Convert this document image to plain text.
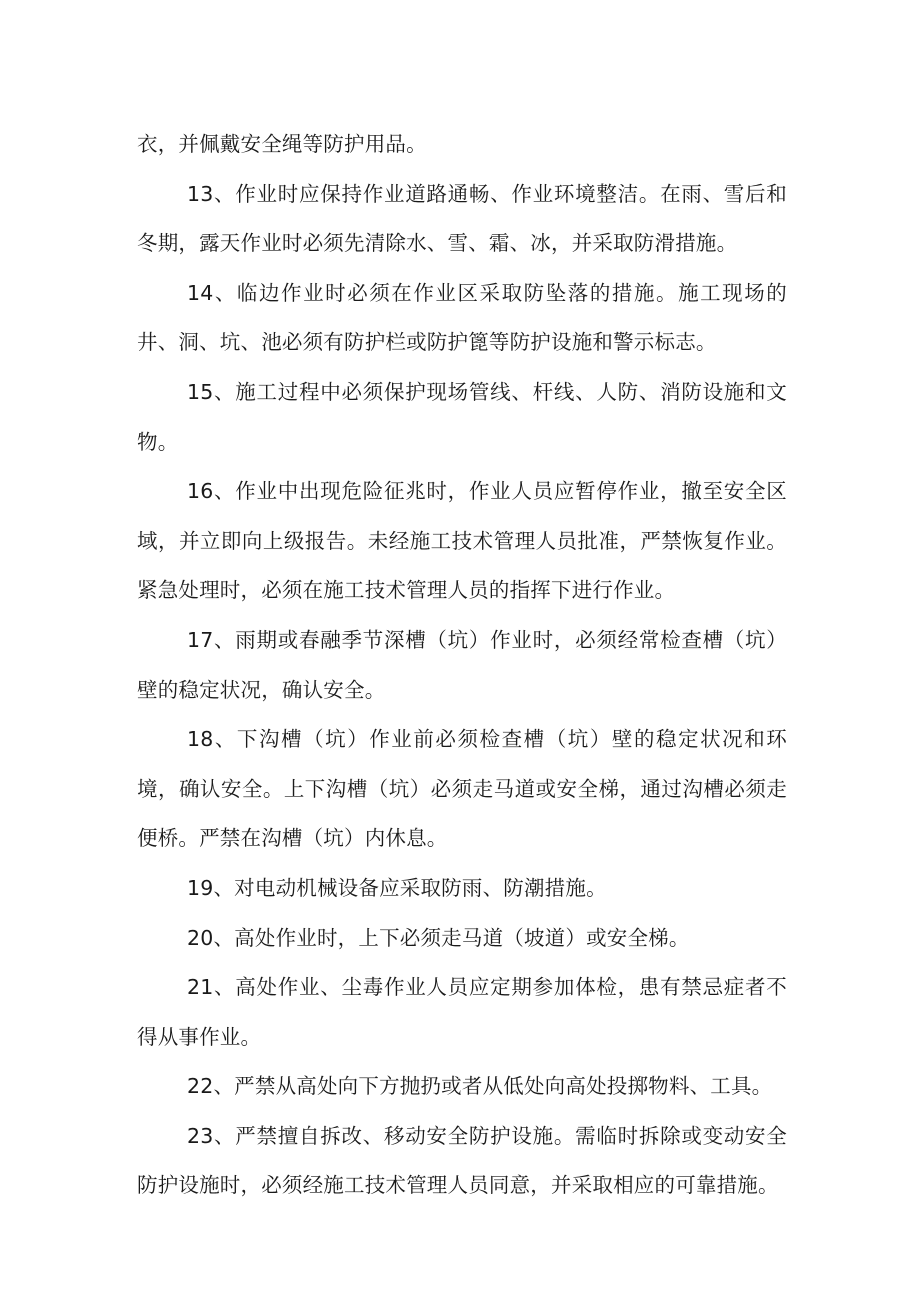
衣，并佩戴安全绳等防护用品。

13、作业时应保持作业道路通畅、作业环境整洁。在雨、雪后和冬期，露天作业时必须先清除水、雪、霜、冰，并采取防滑措施。

14、临边作业时必须在作业区采取防坠落的措施。施工现场的井、洞、坑、池必须有防护栏或防护篦等防护设施和警示标志。

15、施工过程中必须保护现场管线、杆线、人防、消防设施和文物。

16、作业中出现危险征兆时，作业人员应暂停作业，撤至安全区域，并立即向上级报告。未经施工技术管理人员批准，严禁恢复作业。紧急处理时，必须在施工技术管理人员的指挥下进行作业。

17、雨期或春融季节深槽（坑）作业时，必须经常检查槽（坑）壁的稳定状况，确认安全。

18、下沟槽（坑）作业前必须检查槽（坑）壁的稳定状况和环境，确认安全。上下沟槽（坑）必须走马道或安全梯，通过沟槽必须走便桥。严禁在沟槽（坑）内休息。

19、对电动机械设备应采取防雨、防潮措施。

20、高处作业时，上下必须走马道（坡道）或安全梯。

21、高处作业、尘毒作业人员应定期参加体检，患有禁忌症者不得从事作业。

22、严禁从高处向下方抛扔或者从低处向高处投掷物料、工具。

23、严禁擅自拆改、移动安全防护设施。需临时拆除或变动安全防护设施时，必须经施工技术管理人员同意，并采取相应的可靠措施。
